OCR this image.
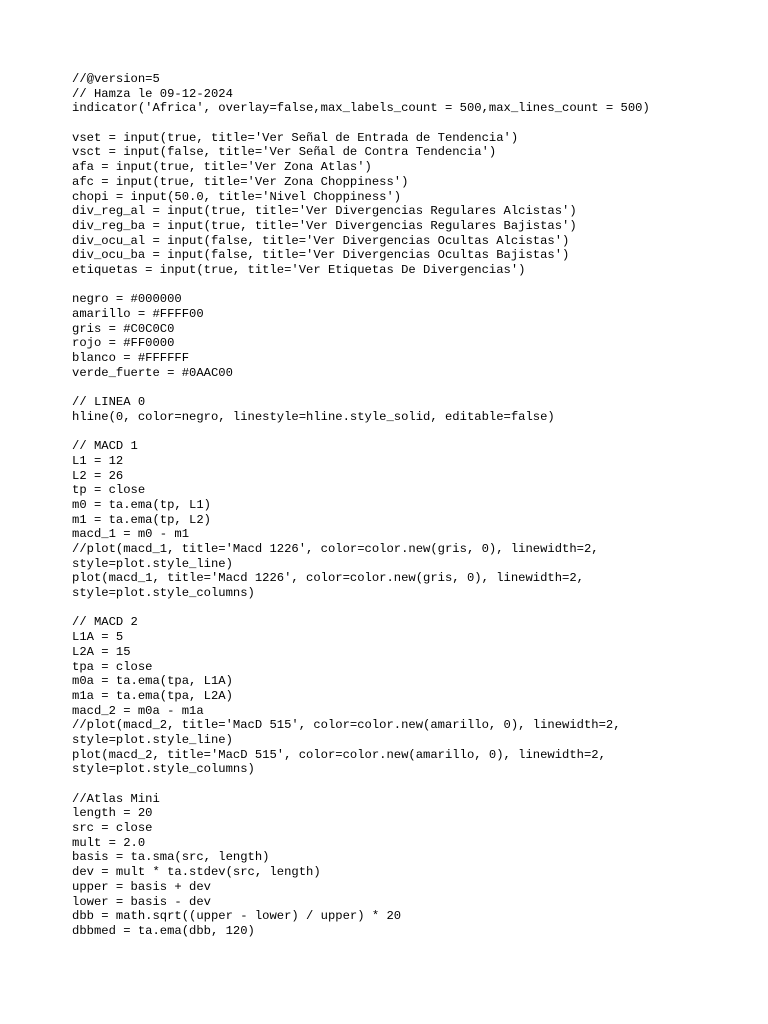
//@version=5
// Hamza le 09-12-2024
indicator('Africa', overlay=false,max_labels_count = 500,max_lines_count = 500)
vset = input(true, title='Ver Señal de Entrada de Tendencia')
vsct = input(false, title='Ver Señal de Contra Tendencia')
afa = input(true, title='Ver Zona Atlas')
afc = input(true, title='Ver Zona Choppiness')
chopi = input(50.0, title='Nivel Choppiness')
div_reg_al = input(true, title='Ver Divergencias Regulares Alcistas')
div_reg_ba = input(true, title='Ver Divergencias Regulares Bajistas')
div_ocu_al = input(false, title='Ver Divergencias Ocultas Alcistas')
div_ocu_ba = input(false, title='Ver Divergencias Ocultas Bajistas')
etiquetas = input(true, title='Ver Etiquetas De Divergencias')
negro = #000000
amarillo = #FFFF00
gris = #C0C0C0
rojo = #FF0000
blanco = #FFFFFF
verde_fuerte = #0AAC00
// LINEA 0
hline(0, color=negro, linestyle=hline.style_solid, editable=false)
// MACD 1
L1 = 12
L2 = 26
tp = close
m0 = ta.ema(tp, L1)
m1 = ta.ema(tp, L2)
macd_1 = m0 - m1
//plot(macd_1, title='Macd 1226', color=color.new(gris, 0), linewidth=2,
style=plot.style_line)
plot(macd_1, title='Macd 1226', color=color.new(gris, 0), linewidth=2,
style=plot.style_columns)
// MACD 2
L1A = 5
L2A = 15
tpa = close
m0a = ta.ema(tpa, L1A)
m1a = ta.ema(tpa, L2A)
macd_2 = m0a - m1a
//plot(macd_2, title='MacD 515', color=color.new(amarillo, 0), linewidth=2,
style=plot.style_line)
plot(macd_2, title='MacD 515', color=color.new(amarillo, 0), linewidth=2,
style=plot.style_columns)
//Atlas Mini
length = 20
src = close
mult = 2.0
basis = ta.sma(src, length)
dev = mult * ta.stdev(src, length)
upper = basis + dev
lower = basis - dev
dbb = math.sqrt((upper - lower) / upper) * 20
dbbmed = ta.ema(dbb, 120)
